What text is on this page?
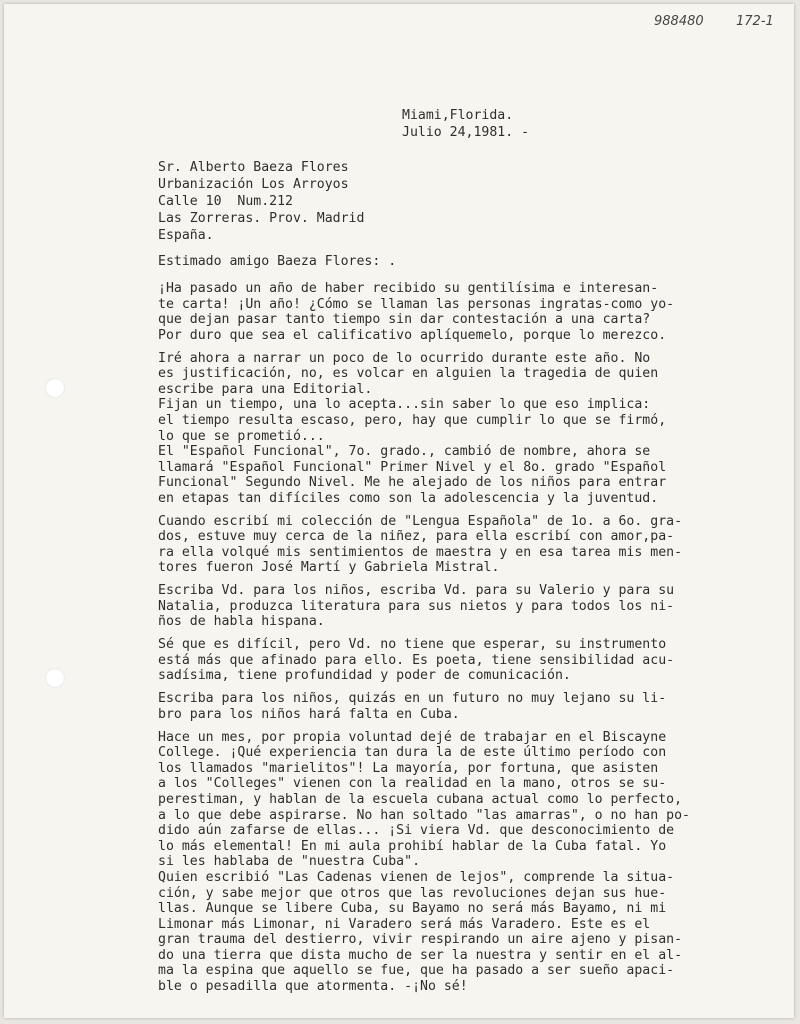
988480 172-1
Miami,Florida.
Julio 24,1981. -
Sr. Alberto Baeza Flores
Urbanización Los Arroyos
Calle 10  Num.212
Las Zorreras. Prov. Madrid
España.
Estimado amigo Baeza Flores: .

¡Ha pasado un año de haber recibido su gentilísima e interesan-
te carta! ¡Un año! ¿Cómo se llaman las personas ingratas-como yo-
que dejan pasar tanto tiempo sin dar contestación a una carta?
Por duro que sea el calificativo aplíquemelo, porque lo merezco.

Iré ahora a narrar un poco de lo ocurrido durante este año. No
es justificación, no, es volcar en alguien la tragedia de quien
escribe para una Editorial.

Fijan un tiempo, una lo acepta...sin saber lo que eso implica:
el tiempo resulta escaso, pero, hay que cumplir lo que se firmó,
lo que se prometió...

El "Español Funcional", 7o. grado., cambió de nombre, ahora se
llamará "Español Funcional" Primer Nivel y el 8o. grado "Español
Funcional" Segundo Nivel. Me he alejado de los niños para entrar
en etapas tan difíciles como son la adolescencia y la juventud.

Cuando escribí mi colección de "Lengua Española" de 1o. a 6o. gra-
dos, estuve muy cerca de la niñez, para ella escribí con amor,pa-
ra ella volqué mis sentimientos de maestra y en esa tarea mis men-
tores fueron José Martí y Gabriela Mistral.

Escriba Vd. para los niños, escriba Vd. para su Valerio y para su
Natalia, produzca literatura para sus nietos y para todos los ni-
ños de habla hispana.

Sé que es difícil, pero Vd. no tiene que esperar, su instrumento
está más que afinado para ello. Es poeta, tiene sensibilidad acu-
sadísima, tiene profundidad y poder de comunicación.

Escriba para los niños, quizás en un futuro no muy lejano su li-
bro para los niños hará falta en Cuba.

Hace un mes, por propia voluntad dejé de trabajar en el Biscayne
College. ¡Qué experiencia tan dura la de este último período con
los llamados "marielitos"! La mayoría, por fortuna, que asisten
a los "Colleges" vienen con la realidad en la mano, otros se su-
perestiman, y hablan de la escuela cubana actual como lo perfecto,
a lo que debe aspirarse. No han soltado "las amarras", o no han po-
dido aún zafarse de ellas... ¡Si viera Vd. que desconocimiento de
lo más elemental! En mi aula prohibí hablar de la Cuba fatal. Yo
si les hablaba de "nuestra Cuba".

Quien escribió "Las Cadenas vienen de lejos", comprende la situa-
ción, y sabe mejor que otros que las revoluciones dejan sus hue-
llas. Aunque se libere Cuba, su Bayamo no será más Bayamo, ni mi
Limonar más Limonar, ni Varadero será más Varadero. Este es el
gran trauma del destierro, vivir respirando un aire ajeno y pisan-
do una tierra que dista mucho de ser la nuestra y sentir en el al-
ma la espina que aquello se fue, que ha pasado a ser sueño apaci-
ble o pesadilla que atormenta. -¡No sé!
